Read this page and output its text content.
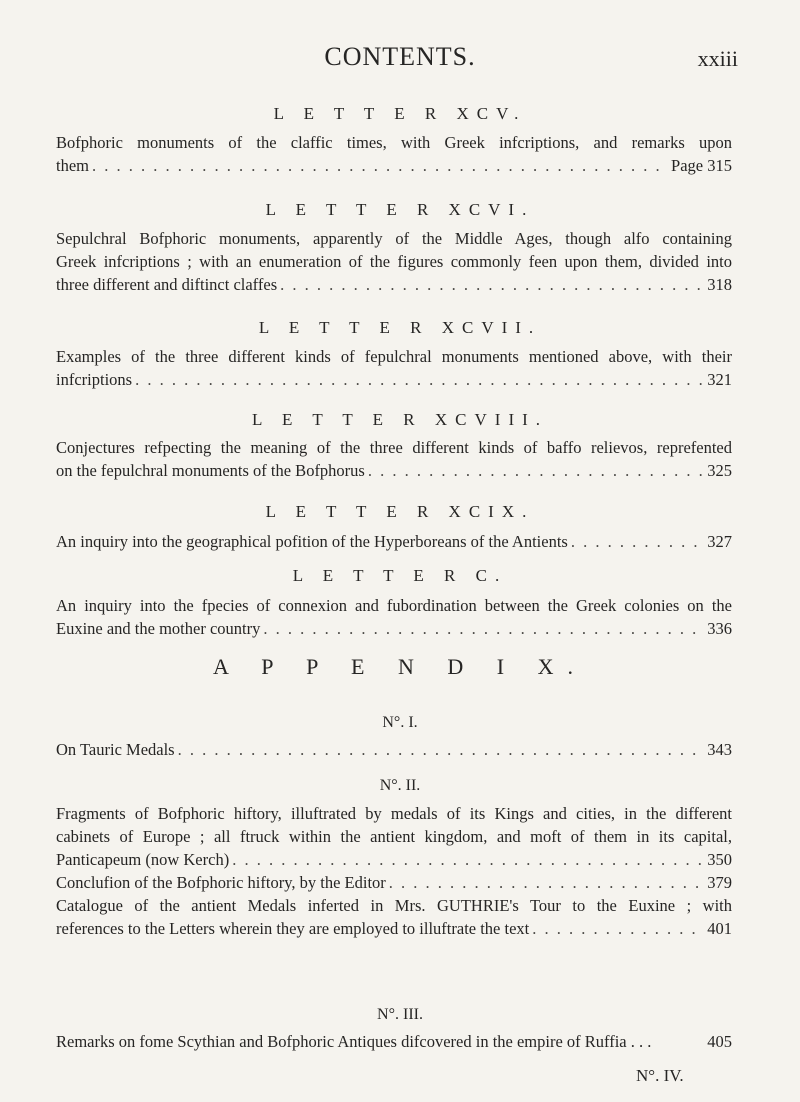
CONTENTS.	xxiii
L E T T E R XCV.
Bofphoric monuments of the claffic times, with Greek infcriptions, and remarks upon
them . . .	Page 315
L E T T E R XCVI.
Sepulchral Bofphoric monuments, apparently of the Middle Ages, though alfo containing
Greek infcriptions ; with an enumeration of the figures commonly feen upon them, divided into
three different and diftinct claffes . . .	318
L E T T E R XCVII.
Examples of the three different kinds of fepulchral monuments mentioned above, with their
infcriptions . . .	321
L E T T E R XCVIII.
Conjectures refpecting the meaning of the three different kinds of baffo relievos, reprefented
on the fepulchral monuments of the Bofphorus . . .	325
L E T T E R XCIX.
An inquiry into the geographical pofition of the Hyperboreans of the Antients . . .	327
L E T T E R C.
An inquiry into the fpecies of connexion and fubordination between the Greek colonies on the
Euxine and the mother country . . .	336
A P P E N D I X.
N°. I.
On Tauric Medals . . .	343
N°. II.
Fragments of Bofphoric hiftory, illuftrated by medals of its Kings and cities, in the different
cabinets of Europe ; all ftruck within the antient kingdom, and moft of them in its capital,
Panticapeum (now Kerch) . . .	350
Conclufion of the Bofphoric hiftory, by the Editor . . .	379
Catalogue of the antient Medals inferted in Mrs. GUTHRIE's Tour to the Euxine ; with
references to the Letters wherein they are employed to illuftrate the text . . .	401
N°. III.
Remarks on fome Scythian and Bofphoric Antiques difcovered in the empire of Ruffia . . .	405
N°. IV.
